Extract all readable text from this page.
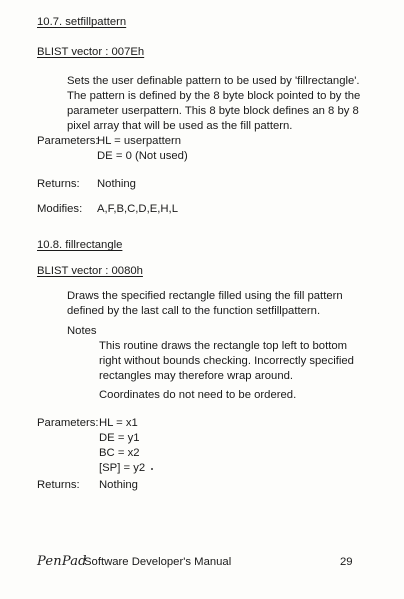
10.7. setfillpattern
BLIST vector : 007Eh
Sets the user definable pattern to be used by 'fillrectangle'.
The pattern is defined by the 8 byte block pointed to by the
parameter userpattern. This 8 byte block defines an 8 by 8
pixel array that will be used as the fill pattern.
Parameters:
HL = userpattern
DE = 0 (Not used)
Returns: Nothing
Modifies: A,F,B,C,D,E,H,L
10.8. fillrectangle
BLIST vector : 0080h
Draws the specified rectangle filled using the fill pattern
defined by the last call to the function setfillpattern.
Notes
This routine draws the rectangle top left to bottom
right without bounds checking. Incorrectly specified
rectangles may therefore wrap around.
Coordinates do not need to be ordered.
Parameters: HL = x1
DE = y1
BC = x2
[SP] = y2
Returns: Nothing
PenPad
Software Developer's Manual	29
